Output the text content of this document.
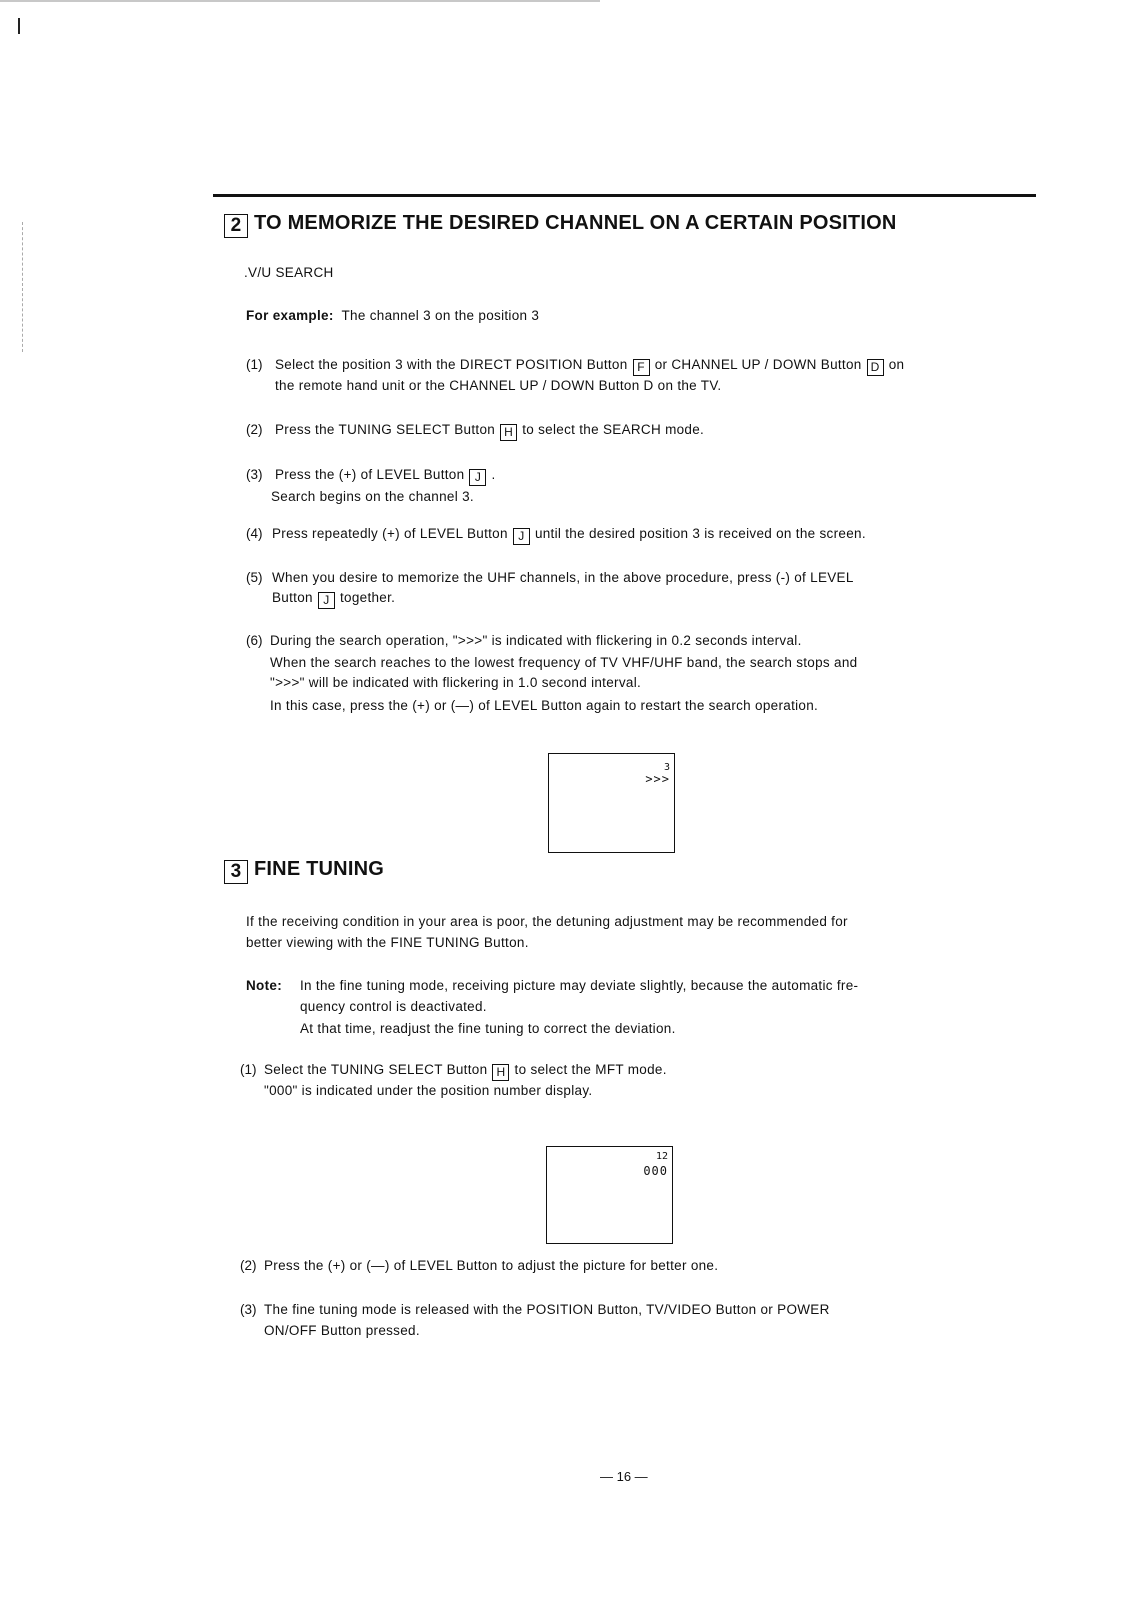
2 TO MEMORIZE THE DESIRED CHANNEL ON A CERTAIN POSITION
.V/U SEARCH
For example: The channel 3 on the position 3
(1) Select the position 3 with the DIRECT POSITION Button F or CHANNEL UP / DOWN Button D on
the remote hand unit or the CHANNEL UP / DOWN Button D on the TV.
(2) Press the TUNING SELECT Button H to select the SEARCH mode.
(3) Press the (+) of LEVEL Button J .
Search begins on the channel 3.
(4) Press repeatedly (+) of LEVEL Button J until the desired position 3 is received on the screen.
(5) When you desire to memorize the UHF channels, in the above procedure, press (-) of LEVEL
Button J together.
(6) During the search operation, ">>>" is indicated with flickering in 0.2 seconds interval.
When the search reaches to the lowest frequency of TV VHF/UHF band, the search stops and
">>>" will be indicated with flickering in 1.0 second interval.
In this case, press the (+) or (—) of LEVEL Button again to restart the search operation.
3
>>>
3 FINE TUNING
If the receiving condition in your area is poor, the detuning adjustment may be recommended for
better viewing with the FINE TUNING Button.
Note: In the fine tuning mode, receiving picture may deviate slightly, because the automatic fre-
quency control is deactivated.
At that time, readjust the fine tuning to correct the deviation.
(1) Select the TUNING SELECT Button H to select the MFT mode.
"000" is indicated under the position number display.
12
000
(2) Press the (+) or (—) of LEVEL Button to adjust the picture for better one.
(3) The fine tuning mode is released with the POSITION Button, TV/VIDEO Button or POWER
ON/OFF Button pressed.
— 16 —
